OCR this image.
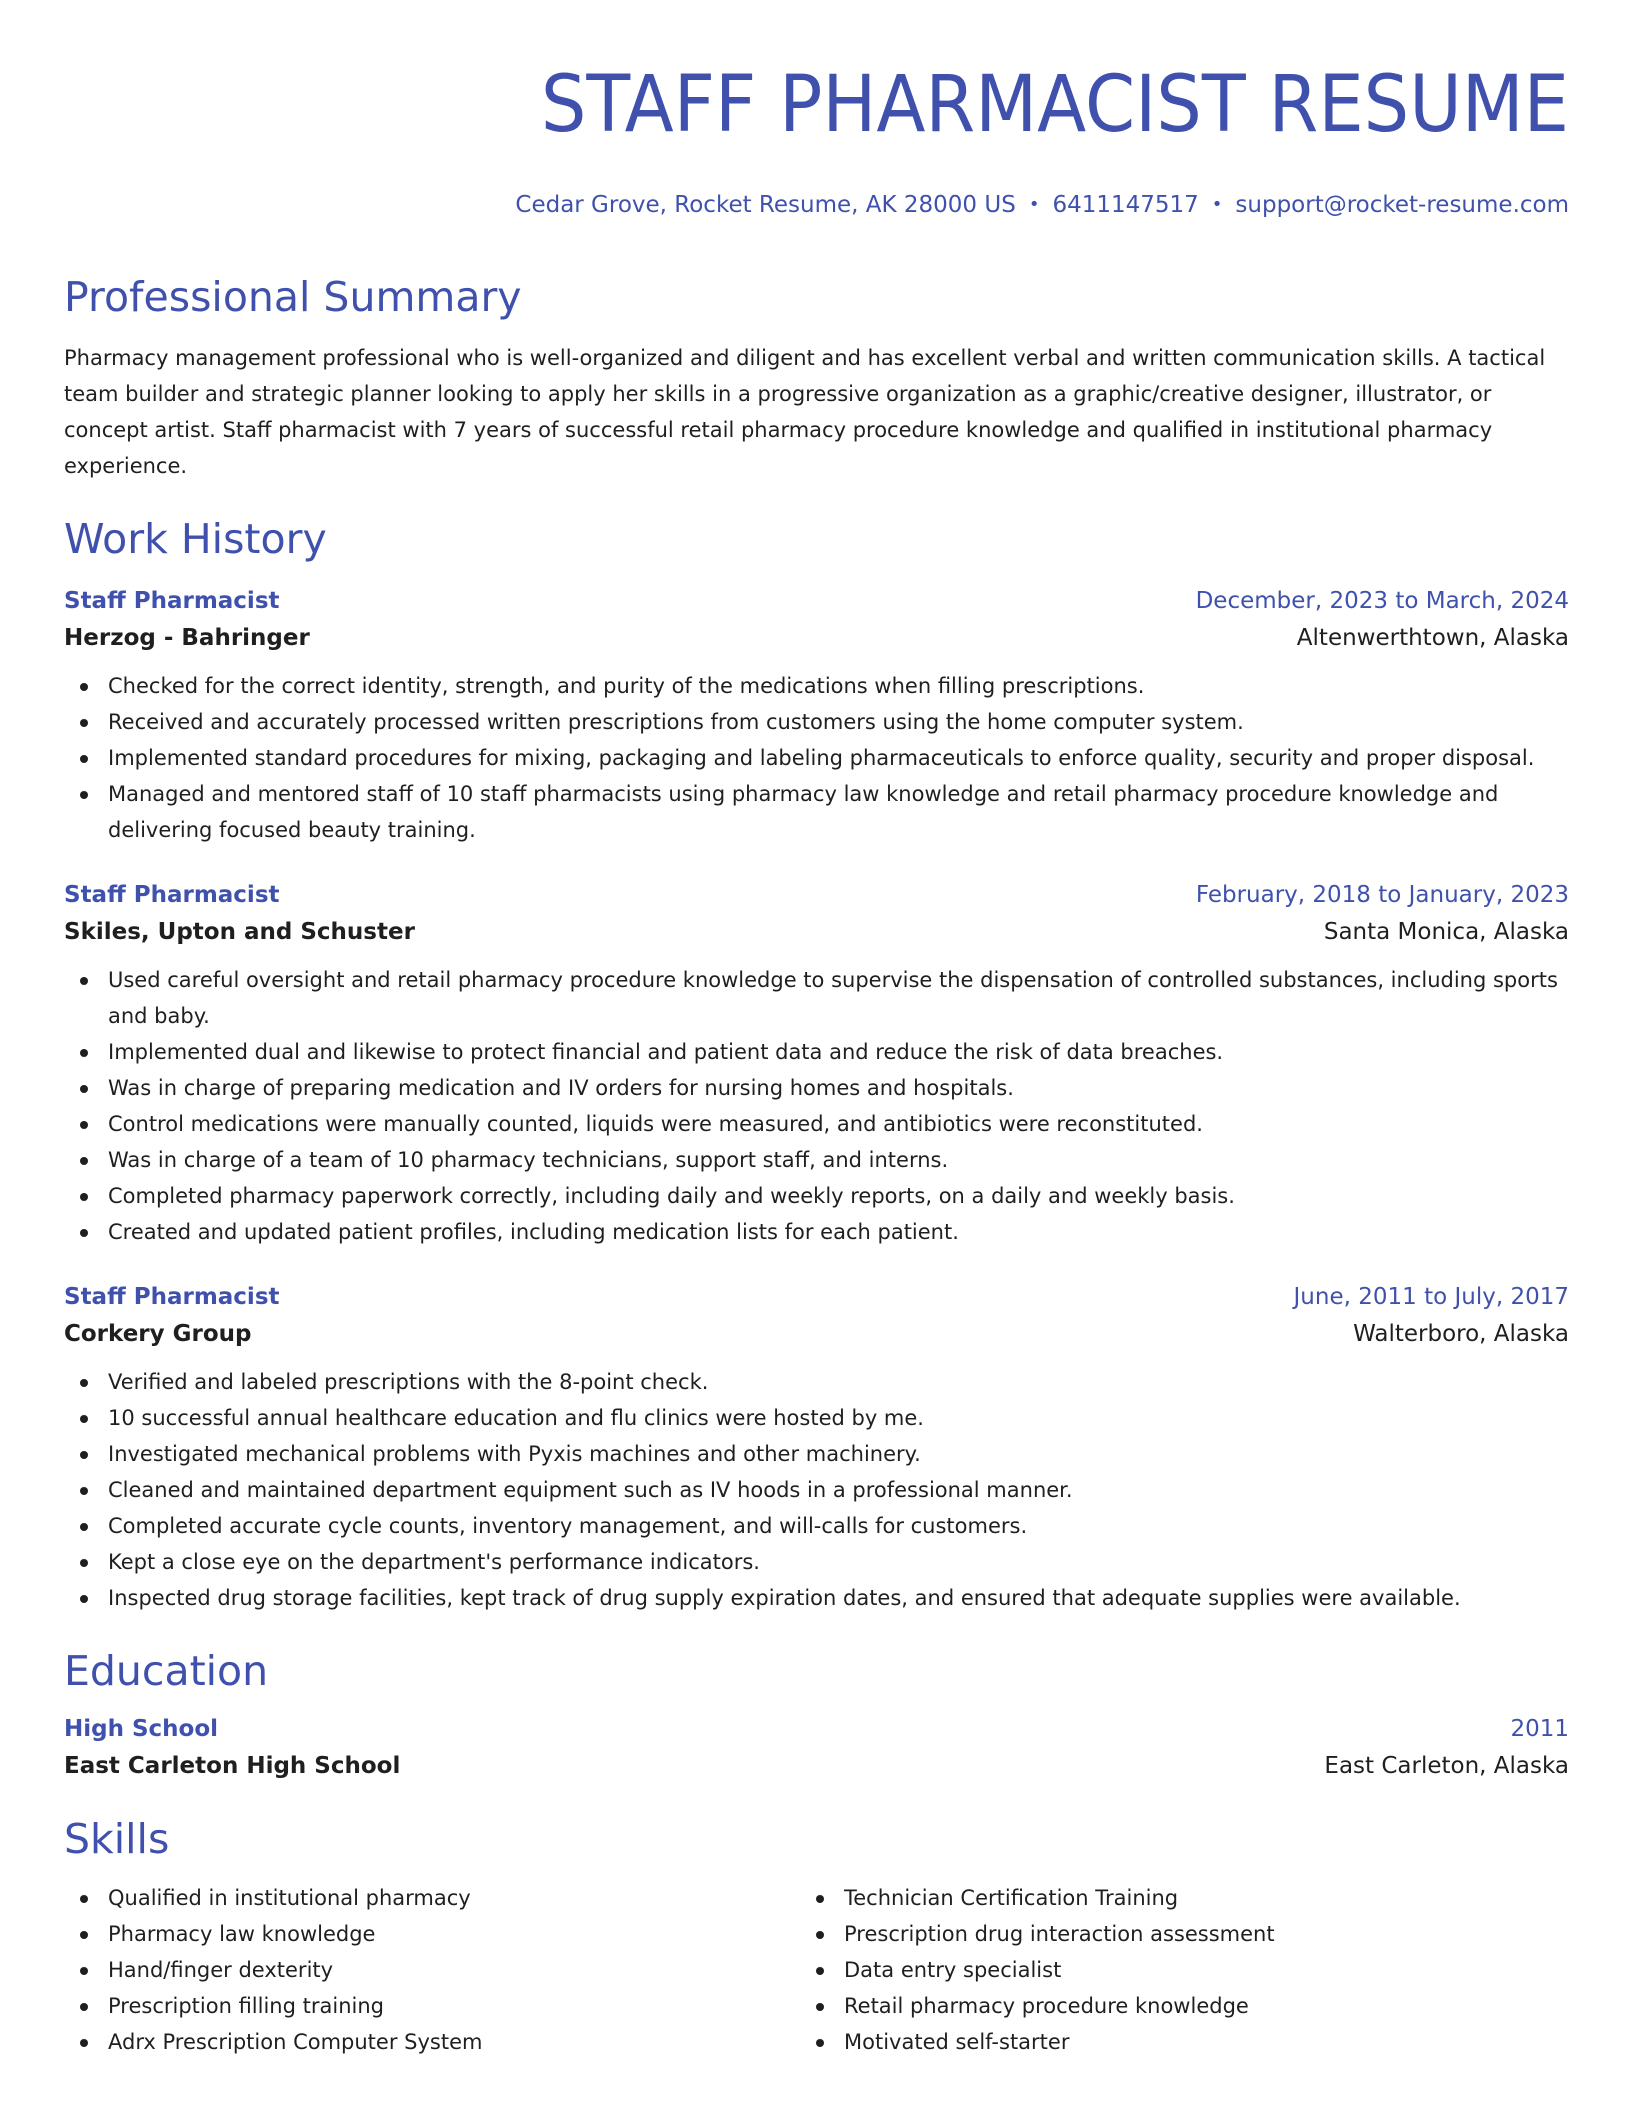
STAFF PHARMACIST RESUME
Cedar Grove, Rocket Resume, AK 28000 US • 6411147517 • support@rocket-resume.com
Professional Summary

Pharmacy management professional who is well-organized and diligent and has excellent verbal and written communication skills. A tactical team builder and strategic planner looking to apply her skills in a progressive organization as a graphic/creative designer, illustrator, or concept artist. Staff pharmacist with 7 years of successful retail pharmacy procedure knowledge and qualified in institutional pharmacy experience.

Work History
Staff Pharmacist	December, 2023 to March, 2024
Herzog - Bahringer	Altenwerthtown, Alaska
Checked for the correct identity, strength, and purity of the medications when filling prescriptions.
Received and accurately processed written prescriptions from customers using the home computer system.
Implemented standard procedures for mixing, packaging and labeling pharmaceuticals to enforce quality, security and proper disposal.
Managed and mentored staff of 10 staff pharmacists using pharmacy law knowledge and retail pharmacy procedure knowledge and delivering focused beauty training.
Staff Pharmacist	February, 2018 to January, 2023
Skiles, Upton and Schuster	Santa Monica, Alaska
Used careful oversight and retail pharmacy procedure knowledge to supervise the dispensation of controlled substances, including sports and baby.
Implemented dual and likewise to protect financial and patient data and reduce the risk of data breaches.
Was in charge of preparing medication and IV orders for nursing homes and hospitals.
Control medications were manually counted, liquids were measured, and antibiotics were reconstituted.
Was in charge of a team of 10 pharmacy technicians, support staff, and interns.
Completed pharmacy paperwork correctly, including daily and weekly reports, on a daily and weekly basis.
Created and updated patient profiles, including medication lists for each patient.
Staff Pharmacist	June, 2011 to July, 2017
Corkery Group	Walterboro, Alaska
Verified and labeled prescriptions with the 8-point check.
10 successful annual healthcare education and flu clinics were hosted by me.
Investigated mechanical problems with Pyxis machines and other machinery.
Cleaned and maintained department equipment such as IV hoods in a professional manner.
Completed accurate cycle counts, inventory management, and will-calls for customers.
Kept a close eye on the department's performance indicators.
Inspected drug storage facilities, kept track of drug supply expiration dates, and ensured that adequate supplies were available.
Education
High School	2011
East Carleton High School	East Carleton, Alaska
Skills
Qualified in institutional pharmacy
Pharmacy law knowledge
Hand/finger dexterity
Prescription filling training
Adrx Prescription Computer System
Technician Certification Training
Prescription drug interaction assessment
Data entry specialist
Retail pharmacy procedure knowledge
Motivated self-starter
